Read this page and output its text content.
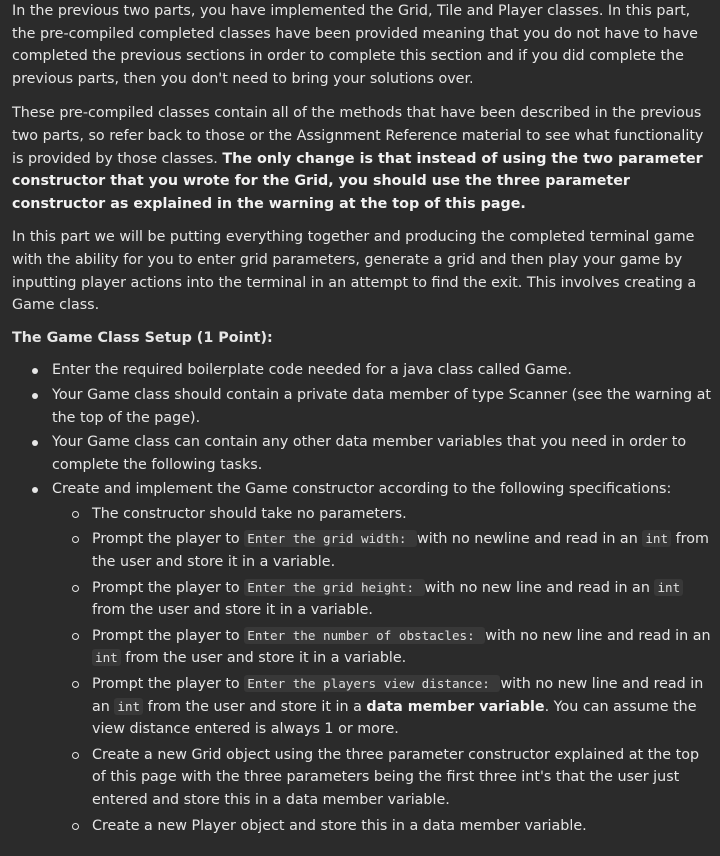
In the previous two parts, you have implemented the Grid, Tile and Player classes. In this part, the pre-compiled completed classes have been provided meaning that you do not have to have completed the previous sections in order to complete this section and if you did complete the previous parts, then you don't need to bring your solutions over.

These pre-compiled classes contain all of the methods that have been described in the previous two parts, so refer back to those or the Assignment Reference material to see what functionality is provided by those classes. The only change is that instead of using the two parameter constructor that you wrote for the Grid, you should use the three parameter constructor as explained in the warning at the top of this page.

In this part we will be putting everything together and producing the completed terminal game with the ability for you to enter grid parameters, generate a grid and then play your game by inputting player actions into the terminal in an attempt to find the exit. This involves creating a Game class.

The Game Class Setup (1 Point):

Enter the required boilerplate code needed for a java class called Game.
Your Game class should contain a private data member of type Scanner (see the warning at the top of the page).
Your Game class can contain any other data member variables that you need in order to complete the following tasks.
Create and implement the Game constructor according to the following specifications:
The constructor should take no parameters.
Prompt the player to Enter the grid width: with no newline and read in an int from the user and store it in a variable.
Prompt the player to Enter the grid height: with no new line and read in an int from the user and store it in a variable.
Prompt the player to Enter the number of obstacles: with no new line and read in an int from the user and store it in a variable.
Prompt the player to Enter the players view distance: with no new line and read in an int from the user and store it in a data member variable. You can assume the view distance entered is always 1 or more.
Create a new Grid object using the three parameter constructor explained at the top of this page with the three parameters being the first three int's that the user just entered and store this in a data member variable.
Create a new Player object and store this in a data member variable.
